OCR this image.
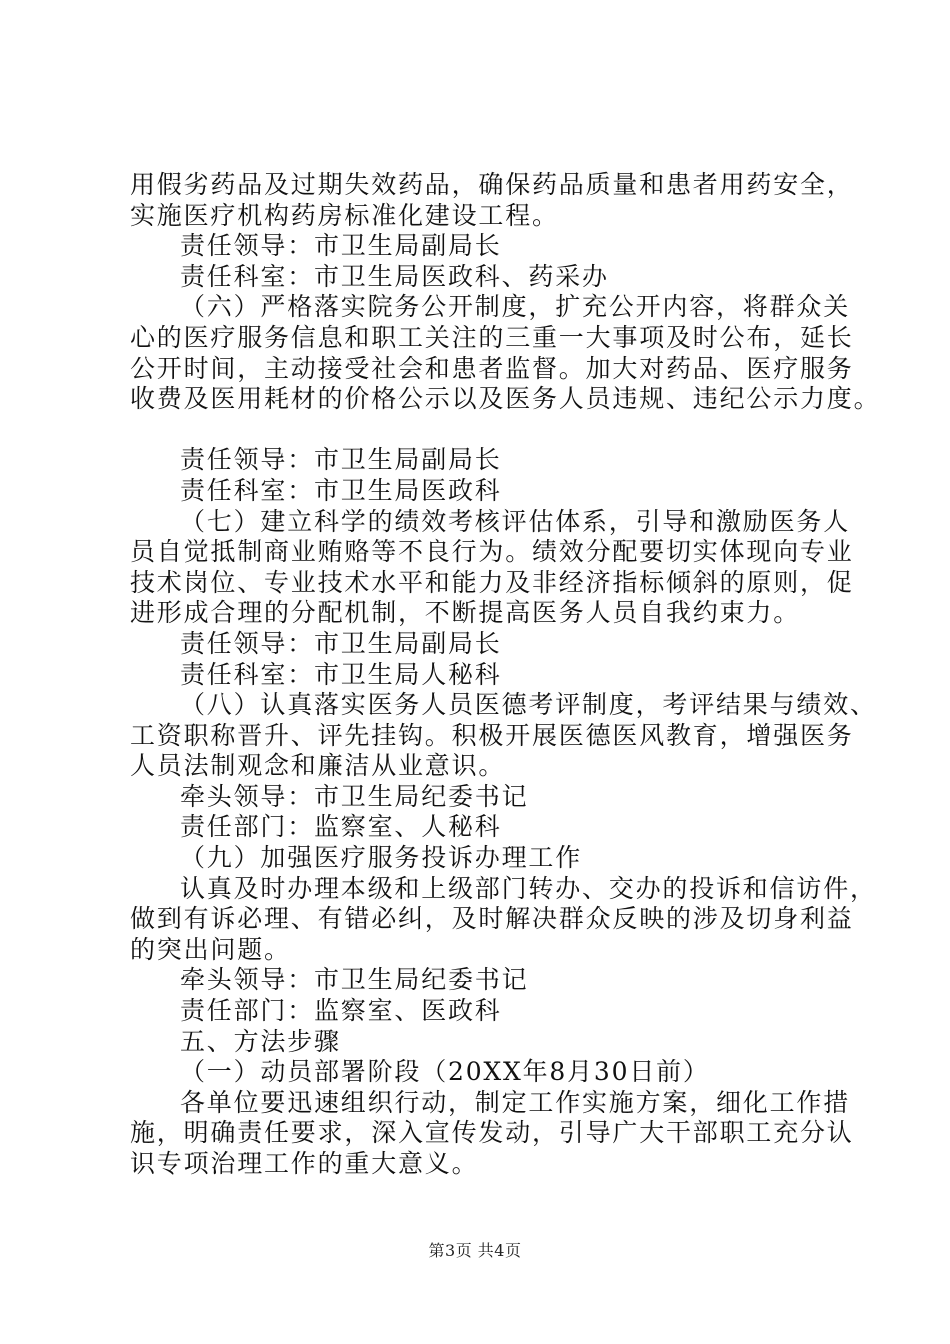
用假劣药品及过期失效药品，确保药品质量和患者用药安全，
实施医疗机构药房标准化建设工程。
责任领导：市卫生局副局长
责任科室：市卫生局医政科、药采办
（六）严格落实院务公开制度，扩充公开内容，将群众关
心的医疗服务信息和职工关注的三重一大事项及时公布，延长
公开时间，主动接受社会和患者监督。加大对药品、医疗服务
收费及医用耗材的价格公示以及医务人员违规、违纪公示力度。
责任领导：市卫生局副局长
责任科室：市卫生局医政科
（七）建立科学的绩效考核评估体系，引导和激励医务人
员自觉抵制商业贿赂等不良行为。绩效分配要切实体现向专业
技术岗位、专业技术水平和能力及非经济指标倾斜的原则，促
进形成合理的分配机制，不断提高医务人员自我约束力。
责任领导：市卫生局副局长
责任科室：市卫生局人秘科
（八）认真落实医务人员医德考评制度，考评结果与绩效、
工资职称晋升、评先挂钩。积极开展医德医风教育，增强医务
人员法制观念和廉洁从业意识。
牵头领导：市卫生局纪委书记
责任部门：监察室、人秘科
（九）加强医疗服务投诉办理工作
认真及时办理本级和上级部门转办、交办的投诉和信访件，
做到有诉必理、有错必纠，及时解决群众反映的涉及切身利益
的突出问题。
牵头领导：市卫生局纪委书记
责任部门：监察室、医政科
五、方法步骤
（一）动员部署阶段（20XX年8月30日前）
各单位要迅速组织行动，制定工作实施方案，细化工作措
施，明确责任要求，深入宣传发动，引导广大干部职工充分认
识专项治理工作的重大意义。
第3页 共4页
